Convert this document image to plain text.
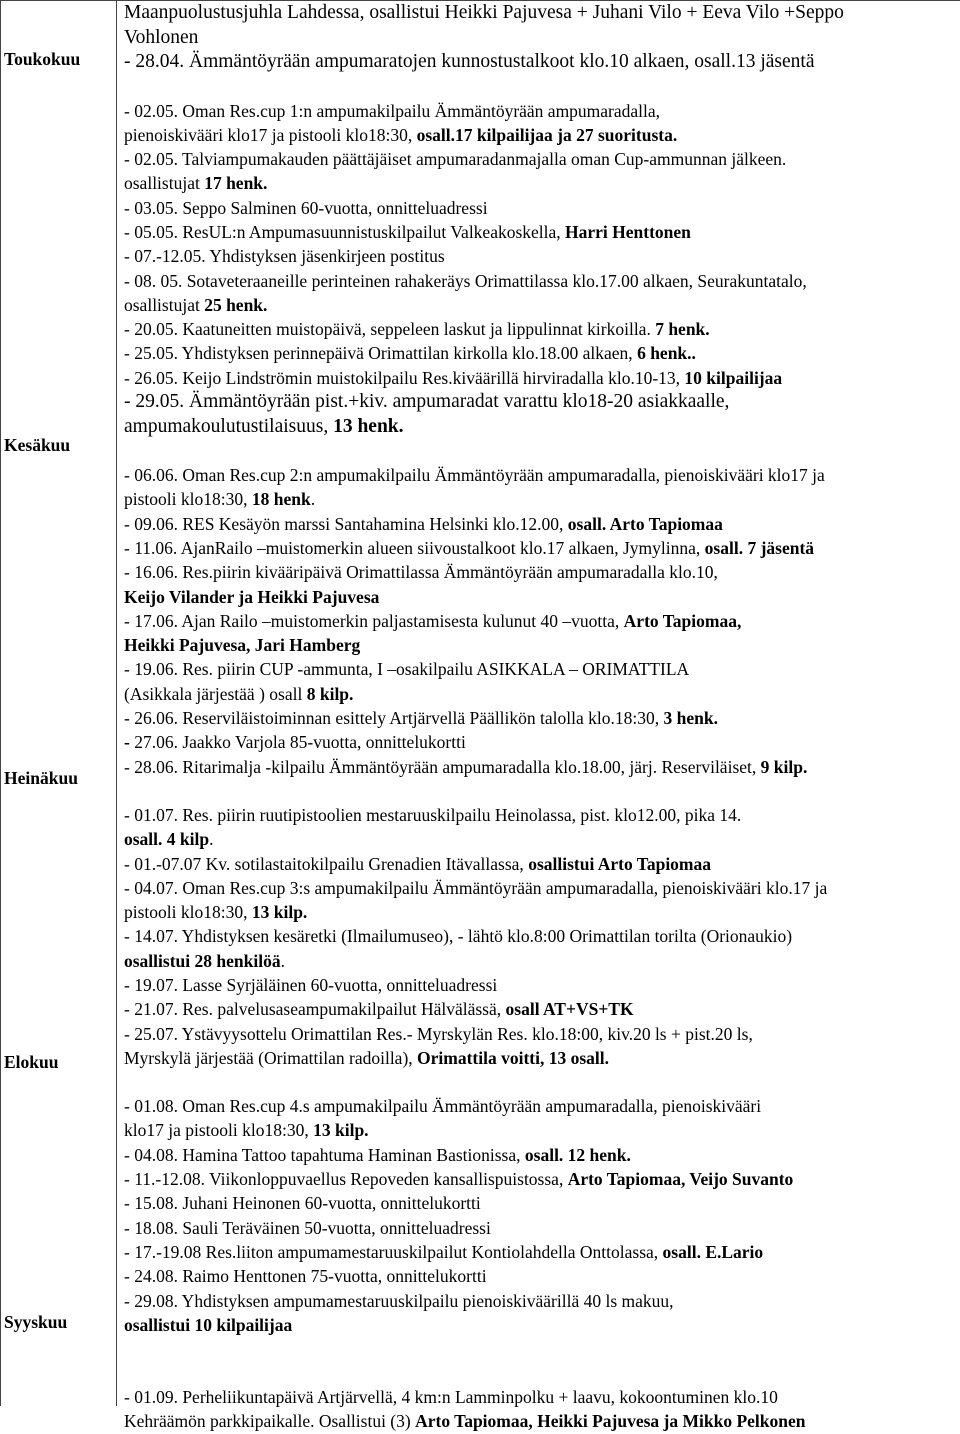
Toukokuu
Kesäkuu
Heinäkuu
Elokuu
Syyskuu

Maanpuolustusjuhla Lahdessa, osallistui Heikki Pajuvesa + Juhani Vilo + Eeva Vilo +Seppo

Vohlonen

- 28.04. Ämmäntöyrään ampumaratojen kunnostustalkoot klo.10 alkaen, osall.13 jäsentä

- 02.05. Oman Res.cup 1:n ampumakilpailu Ämmäntöyrään ampumaradalla,

pienoiskivääri klo17 ja pistooli klo18:30, osall.17 kilpailijaa ja 27 suoritusta.

- 02.05. Talviampumakauden päättäjäiset ampumaradanmajalla oman Cup-ammunnan jälkeen.

osallistujat 17 henk.

- 03.05. Seppo Salminen 60-vuotta, onnitteluadressi

- 05.05. ResUL:n Ampumasuunnistuskilpailut Valkeakoskella, Harri Henttonen

- 07.-12.05. Yhdistyksen jäsenkirjeen postitus

- 08. 05. Sotaveteraaneille perinteinen rahakeräys Orimattilassa klo.17.00 alkaen, Seurakuntatalo,

osallistujat 25 henk.

- 20.05. Kaatuneitten muistopäivä, seppeleen laskut ja lippulinnat kirkoilla. 7 henk.

- 25.05. Yhdistyksen perinnepäivä Orimattilan kirkolla klo.18.00 alkaen, 6 henk..

- 26.05. Keijo Lindströmin muistokilpailu Res.kiväärillä hirviradalla klo.10-13, 10 kilpailijaa

- 29.05. Ämmäntöyrään pist.+kiv. ampumaradat varattu klo18-20 asiakkaalle,

ampumakoulutustilaisuus, 13 henk.

- 06.06. Oman Res.cup 2:n ampumakilpailu Ämmäntöyrään ampumaradalla, pienoiskivääri klo17 ja

pistooli klo18:30, 18 henk.

- 09.06. RES Kesäyön marssi Santahamina Helsinki klo.12.00, osall. Arto Tapiomaa

- 11.06. AjanRailo –muistomerkin alueen siivoustalkoot klo.17 alkaen, Jymylinna, osall. 7 jäsentä

- 16.06. Res.piirin kivääripäivä Orimattilassa Ämmäntöyrään ampumaradalla klo.10,

Keijo Vilander ja Heikki Pajuvesa

- 17.06. Ajan Railo –muistomerkin paljastamisesta kulunut 40 –vuotta, Arto Tapiomaa,

Heikki Pajuvesa, Jari Hamberg

- 19.06. Res. piirin CUP -ammunta, I –osakilpailu ASIKKALA – ORIMATTILA

(Asikkala järjestää ) osall 8 kilp.

- 26.06. Reserviläistoiminnan esittely Artjärvellä Päällikön talolla klo.18:30, 3 henk.

- 27.06. Jaakko Varjola 85-vuotta, onnittelukortti

- 28.06. Ritarimalja -kilpailu Ämmäntöyrään ampumaradalla klo.18.00, järj. Reserviläiset, 9 kilp.

- 01.07. Res. piirin ruutipistoolien mestaruuskilpailu Heinolassa, pist. klo12.00, pika 14.

osall. 4 kilp.

- 01.-07.07 Kv. sotilastaitokilpailu Grenadien Itävallassa, osallistui Arto Tapiomaa

- 04.07. Oman Res.cup 3:s ampumakilpailu Ämmäntöyrään ampumaradalla, pienoiskivääri klo.17 ja

pistooli klo18:30, 13 kilp.

- 14.07. Yhdistyksen kesäretki (Ilmailumuseo), - lähtö klo.8:00 Orimattilan torilta (Orionaukio)

osallistui 28 henkilöä.

- 19.07. Lasse Syrjäläinen 60-vuotta, onnitteluadressi

- 21.07. Res. palvelusaseampumakilpailut Hälvälässä, osall AT+VS+TK

- 25.07. Ystävyysottelu Orimattilan Res.- Myrskylän Res. klo.18:00, kiv.20 ls + pist.20 ls,

Myrskylä järjestää (Orimattilan radoilla), Orimattila voitti, 13 osall.

- 01.08. Oman Res.cup 4.s ampumakilpailu Ämmäntöyrään ampumaradalla, pienoiskivääri

klo17 ja pistooli klo18:30, 13 kilp.

- 04.08. Hamina Tattoo tapahtuma Haminan Bastionissa, osall. 12 henk.

- 11.-12.08. Viikonloppuvaellus Repoveden kansallispuistossa, Arto Tapiomaa, Veijo Suvanto

- 15.08. Juhani Heinonen 60-vuotta, onnittelukortti

- 18.08. Sauli Teräväinen 50-vuotta, onnitteluadressi

- 17.-19.08 Res.liiton ampumamestaruuskilpailut Kontiolahdella Onttolassa, osall. E.Lario

- 24.08. Raimo Henttonen 75-vuotta, onnittelukortti

- 29.08. Yhdistyksen ampumamestaruuskilpailu pienoiskiväärillä 40 ls makuu,

osallistui 10 kilpailijaa

- 01.09. Perheliikuntapäivä Artjärvellä, 4 km:n Lamminpolku + laavu, kokoontuminen klo.10

Kehräämön parkkipaikalle. Osallistui (3) Arto Tapiomaa, Heikki Pajuvesa ja Mikko Pelkonen
